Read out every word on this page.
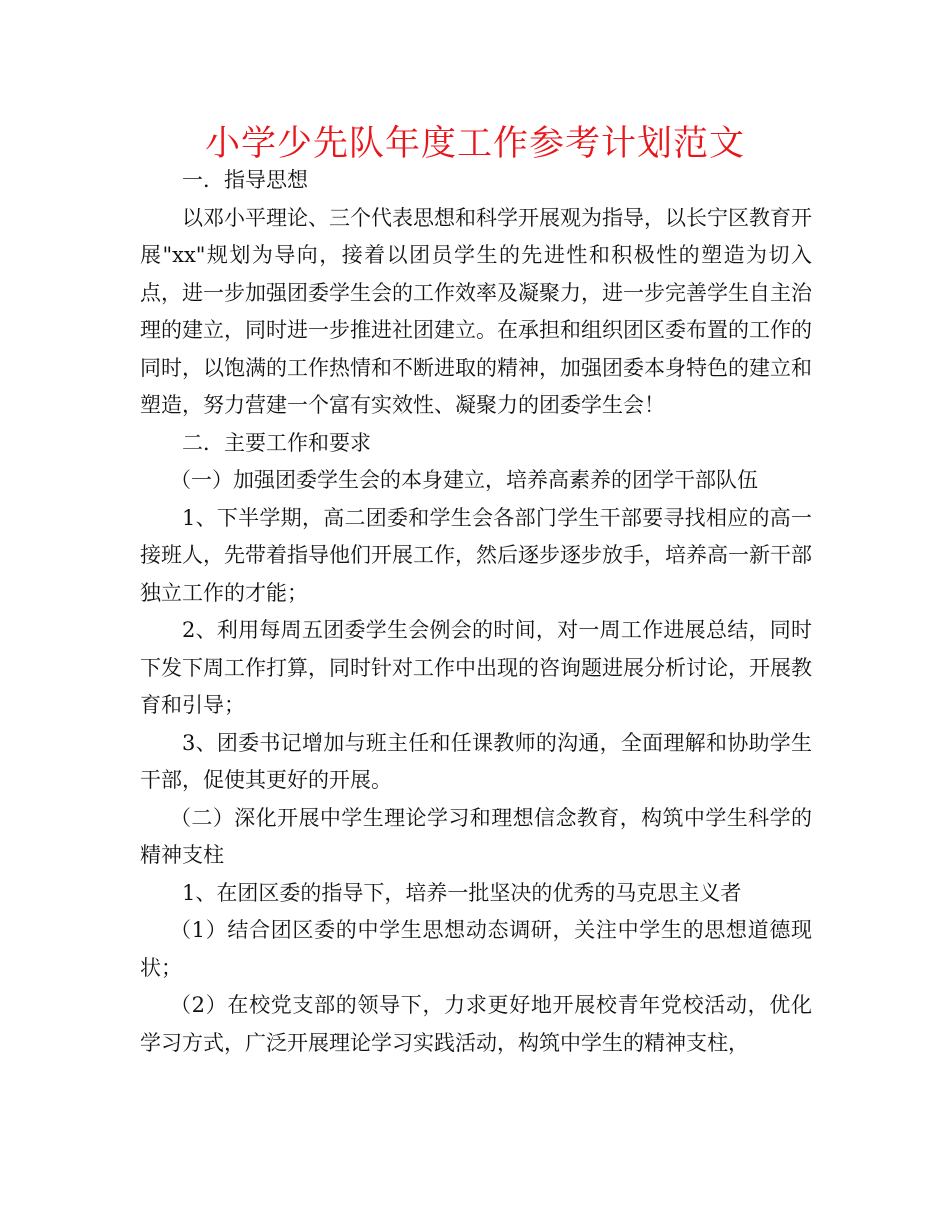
小学少先队年度工作参考计划范文

一．指导思想

以邓小平理论、三个代表思想和科学开展观为指导，以长宁区教育开展"xx"规划为导向，接着以团员学生的先进性和积极性的塑造为切入点，进一步加强团委学生会的工作效率及凝聚力，进一步完善学生自主治理的建立，同时进一步推进社团建立。在承担和组织团区委布置的工作的同时，以饱满的工作热情和不断进取的精神，加强团委本身特色的建立和塑造，努力营建一个富有实效性、凝聚力的团委学生会！

二．主要工作和要求

（一）加强团委学生会的本身建立，培养高素养的团学干部队伍

1、下半学期，高二团委和学生会各部门学生干部要寻找相应的高一接班人，先带着指导他们开展工作，然后逐步逐步放手，培养高一新干部独立工作的才能；

2、利用每周五团委学生会例会的时间，对一周工作进展总结，同时下发下周工作打算，同时针对工作中出现的咨询题进展分析讨论，开展教育和引导；

3、团委书记增加与班主任和任课教师的沟通，全面理解和协助学生干部，促使其更好的开展。

（二）深化开展中学生理论学习和理想信念教育，构筑中学生科学的精神支柱

1、在团区委的指导下，培养一批坚决的优秀的马克思主义者

（1）结合团区委的中学生思想动态调研，关注中学生的思想道德现状；

（2）在校党支部的领导下，力求更好地开展校青年党校活动，优化学习方式，广泛开展理论学习实践活动，构筑中学生的精神支柱，
